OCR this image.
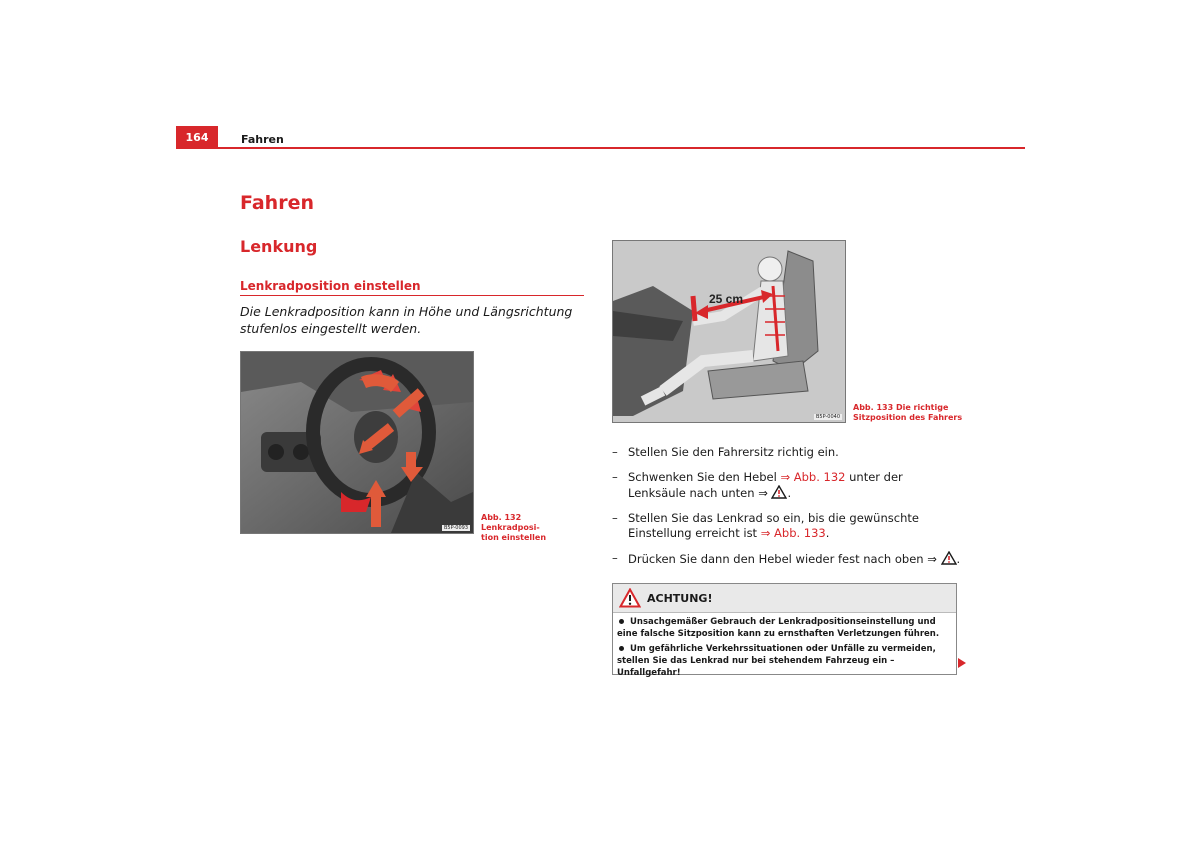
164	Fahren
Fahren
Lenkung
Lenkradposition einstellen
Die Lenkradposition kann in Höhe und Längsrichtung stufenlos eingestellt werden.
B5P-0093
Abb. 132 Lenkradposi-
tion einstellen
25 cm
B5P-0040
Abb. 133 Die richtige
Sitzposition des Fahrers
– Stellen Sie den Fahrersitz richtig ein.
– Schwenken Sie den Hebel ⇒ Abb. 132 unter der Lenksäule nach unten ⇒ .
– Stellen Sie das Lenkrad so ein, bis die gewünschte Einstellung erreicht ist ⇒ Abb. 133.
– Drücken Sie dann den Hebel wieder fest nach oben ⇒ .
ACHTUNG!
Unsachgemäßer Gebrauch der Lenkradpositionseinstellung und eine falsche Sitzposition kann zu ernsthaften Verletzungen führen.
Um gefährliche Verkehrssituationen oder Unfälle zu vermeiden, stellen Sie das Lenkrad nur bei stehendem Fahrzeug ein – Unfallgefahr!
